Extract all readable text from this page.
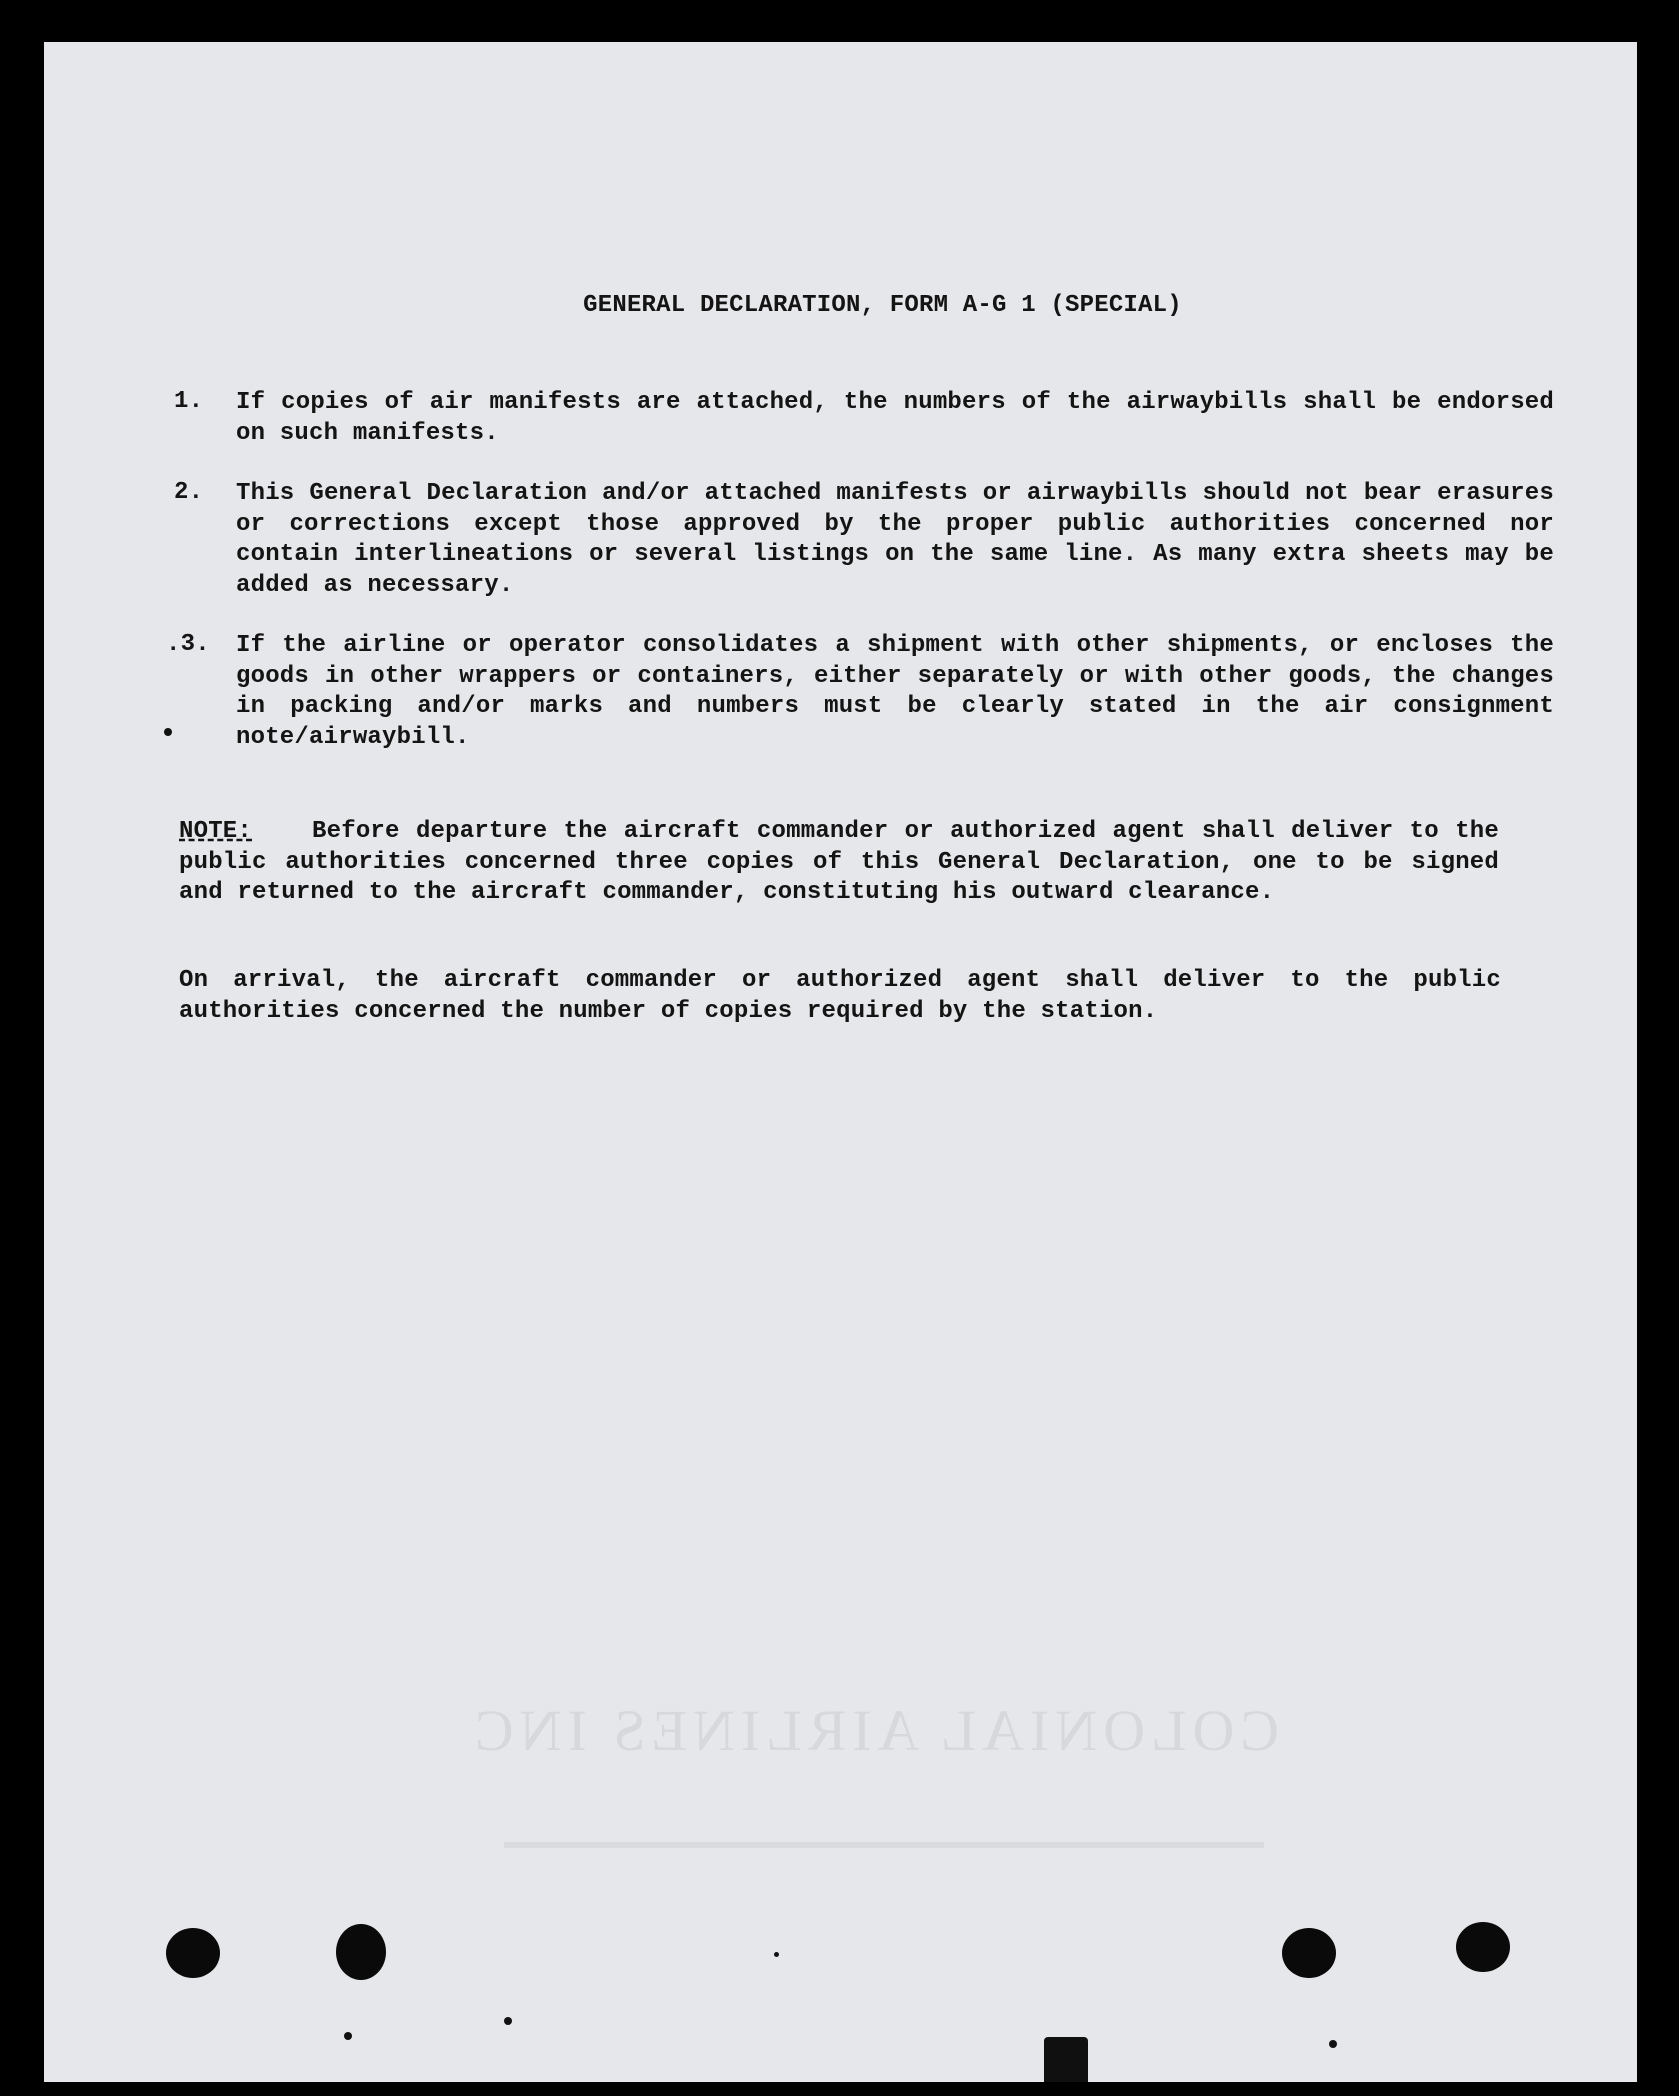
GENERAL DECLARATION, FORM A-G 1 (SPECIAL)
1.	If copies of air manifests are attached, the numbers of the airwaybills shall be endorsed on such manifests.
2.	This General Declaration and/or attached manifests or airwaybills should not bear erasures or corrections except those approved by the proper public authorities concerned nor contain interlineations or several listings on the same line. As many extra sheets may be added as necessary.
.3.	If the airline or operator consolidates a shipment with other shipments, or encloses the goods in other wrappers or containers, either separately or with other goods, the changes in packing and/or marks and numbers must be clearly stated in the air consignment note/airwaybill.
NOTE:	Before departure the aircraft commander or authorized agent shall deliver to the public authorities concerned three copies of this General Declaration, one to be signed and returned to the aircraft commander, constituting his outward clearance.
On arrival, the aircraft commander or authorized agent shall deliver to the public authorities concerned the number of copies required by the station.
COLONIAL AIRLINES INC
